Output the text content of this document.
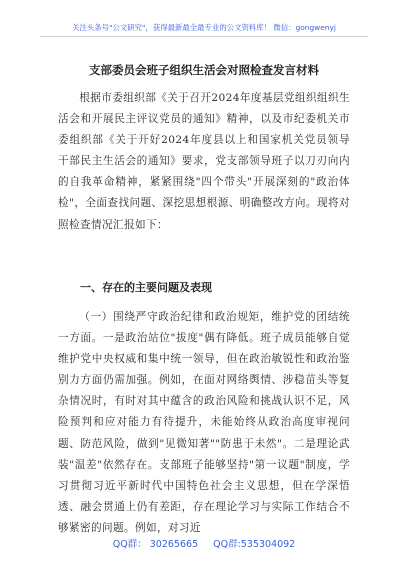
关注头条号"公文研究"，获得最新最全最专业的公文资料库！ 微信：gongwenyj
支部委员会班子组织生活会对照检查发言材料

根据市委组织部《关于召开2024年度基层党组织组织生活会和开展民主评议党员的通知》精神，以及市纪委机关市委组织部《关于开好2024年度县以上和国家机关党员领导干部民主生活会的通知》要求，党支部领导班子以刀刃向内的自我革命精神，紧紧围绕"四个带头"开展深刻的"政治体检"，全面查找问题、深挖思想根源、明确整改方向。现将对照检查情况汇报如下：

一、存在的主要问题及表现

（一）围绕严守政治纪律和政治规矩，维护党的团结统一方面。一是政治站位"拔度"偶有降低。班子成员能够自觉维护党中央权威和集中统一领导，但在政治敏锐性和政治鉴别力方面仍需加强。例如，在面对网络舆情、涉稳苗头等复杂情况时，有时对其中蕴含的政治风险和挑战认识不足，风险预判和应对能力有待提升，未能始终从政治高度审视问题、防范风险，做到"见微知著""防患于未然"。二是理论武装"温差"依然存在。支部班子能够坚持"第一议题"制度，学习贯彻习近平新时代中国特色社会主义思想，但在学深悟透、融会贯通上仍有差距，存在理论学习与实际工作结合不够紧密的问题。例如，对习近

QQ群： 30265665 QQ群:535304092
